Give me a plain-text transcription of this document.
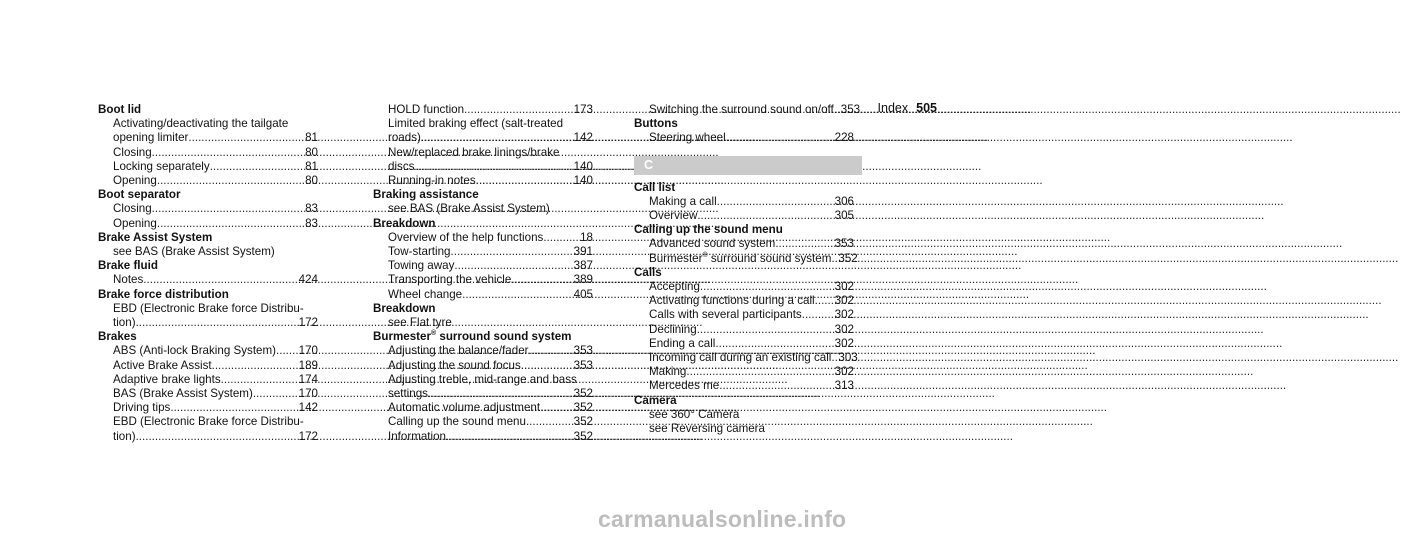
Index 505
Boot lid
Activating/deactivating the tailgate
opening limiter .....	81
Closing .....	80
Locking separately .....	81
Opening .....	80
Boot separator
Closing .....	83
Opening .....	83
Brake Assist System
see BAS (Brake Assist System)
Brake fluid
Notes .....	424
Brake force distribution
EBD (Electronic Brake force Distribu-
tion) .....	172
Brakes
ABS (Anti-lock Braking System) ..... 170
Active Brake Assist .....	189
Adaptive brake lights .....	174
BAS (Brake Assist System) .....	170
Driving tips .....	142
EBD (Electronic Brake force Distribu-
tion) .....	172
HOLD function .....	173
Limited braking effect (salt-treated
roads) .....	142
New/replaced brake linings/brake
discs .....	140
Running-in notes .....	140
Braking assistance
see BAS (Brake Assist System)
Breakdown
Overview of the help functions .....	18
Tow-starting .....	391
Towing away .....	387
Transporting the vehicle .....	389
Wheel change .....	405
Breakdown
see Flat tyre
Burmester® surround sound system
Adjusting the balance/fader .....	353
Adjusting the sound focus .....	353
Adjusting treble, mid-range and bass
settings .....	352
Automatic volume adjustment .....	352
Calling up the sound menu .....	352
Information .....	352
Switching the surround sound on/off ..... 353
Buttons
Steering wheel .....	228
C
Call list
Making a call .....	306
Overview .....	305
Calling up the sound menu
Advanced sound system .....	353
Burmester® surround sound system ..... 352
Calls
Accepting .....	302
Activating functions during a call ..... 302
Calls with several participants .....	302
Declining .....	302
Ending a call .....	302
Incoming call during an existing call ..... 303
Making .....	302
Mercedes me .....	313
Camera
see 360° Camera
see Reversing camera
carmanualsonline.info
